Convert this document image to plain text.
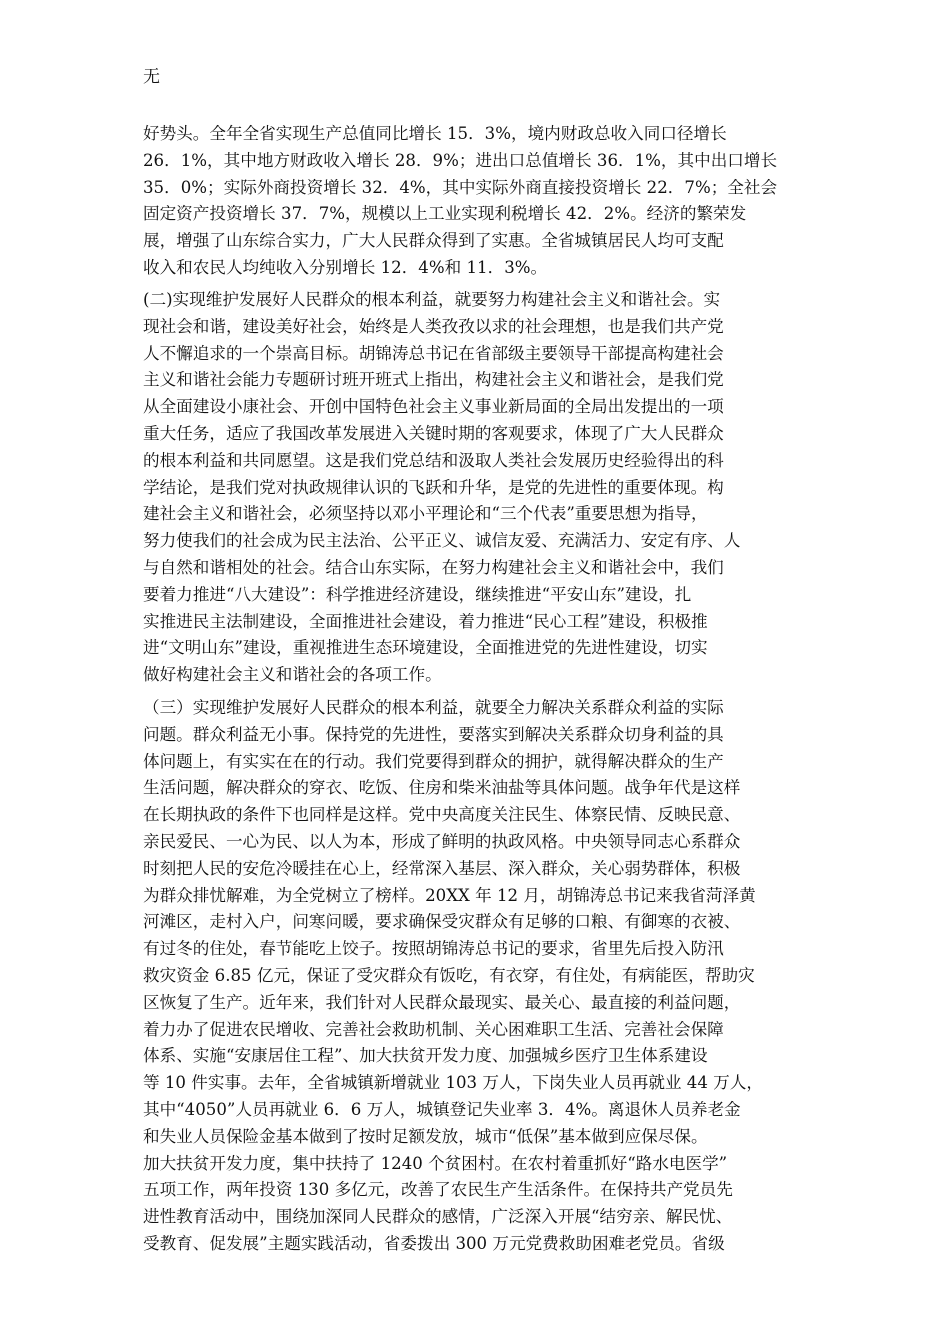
无
好势头。全年全省实现生产总值同比增长 15．3%，境内财政总收入同口径增长
26．1%，其中地方财政收入增长 28．9%；进出口总值增长 36．1%，其中出口增长
35．0%；实际外商投资增长 32．4%，其中实际外商直接投资增长 22．7%；全社会
固定资产投资增长 37．7%，规模以上工业实现利税增长 42．2%。经济的繁荣发
展，增强了山东综合实力，广大人民群众得到了实惠。全省城镇居民人均可支配
收入和农民人均纯收入分别增长 12．4%和 11．3%。
(二)实现维护发展好人民群众的根本利益，就要努力构建社会主义和谐社会。实
现社会和谐，建设美好社会，始终是人类孜孜以求的社会理想，也是我们共产党
人不懈追求的一个崇高目标。胡锦涛总书记在省部级主要领导干部提高构建社会
主义和谐社会能力专题研讨班开班式上指出，构建社会主义和谐社会，是我们党
从全面建设小康社会、开创中国特色社会主义事业新局面的全局出发提出的一项
重大任务，适应了我国改革发展进入关键时期的客观要求，体现了广大人民群众
的根本利益和共同愿望。这是我们党总结和汲取人类社会发展历史经验得出的科
学结论，是我们党对执政规律认识的飞跃和升华，是党的先进性的重要体现。构
建社会主义和谐社会，必须坚持以邓小平理论和“三个代表”重要思想为指导，
努力使我们的社会成为民主法治、公平正义、诚信友爱、充满活力、安定有序、人
与自然和谐相处的社会。结合山东实际，在努力构建社会主义和谐社会中，我们
要着力推进“八大建设”：科学推进经济建设，继续推进“平安山东”建设，扎
实推进民主法制建设，全面推进社会建设，着力推进“民心工程”建设，积极推
进“文明山东”建设，重视推进生态环境建设，全面推进党的先进性建设，切实
做好构建社会主义和谐社会的各项工作。
（三）实现维护发展好人民群众的根本利益，就要全力解决关系群众利益的实际
问题。群众利益无小事。保持党的先进性，要落实到解决关系群众切身利益的具
体问题上，有实实在在的行动。我们党要得到群众的拥护，就得解决群众的生产
生活问题，解决群众的穿衣、吃饭、住房和柴米油盐等具体问题。战争年代是这样
在长期执政的条件下也同样是这样。党中央高度关注民生、体察民情、反映民意、
亲民爱民、一心为民、以人为本，形成了鲜明的执政风格。中央领导同志心系群众
时刻把人民的安危冷暖挂在心上，经常深入基层、深入群众，关心弱势群体，积极
为群众排忧解难，为全党树立了榜样。20XX 年 12 月，胡锦涛总书记来我省菏泽黄
河滩区，走村入户，问寒问暖，要求确保受灾群众有足够的口粮、有御寒的衣被、
有过冬的住处，春节能吃上饺子。按照胡锦涛总书记的要求，省里先后投入防汛
救灾资金 6.85 亿元，保证了受灾群众有饭吃，有衣穿，有住处，有病能医，帮助灾
区恢复了生产。近年来，我们针对人民群众最现实、最关心、最直接的利益问题，
着力办了促进农民增收、完善社会救助机制、关心困难职工生活、完善社会保障
体系、实施“安康居住工程”、加大扶贫开发力度、加强城乡医疗卫生体系建设
等 10 件实事。去年，全省城镇新增就业 103 万人，下岗失业人员再就业 44 万人，
其中“4050”人员再就业 6．6 万人，城镇登记失业率 3．4%。离退休人员养老金
和失业人员保险金基本做到了按时足额发放，城市“低保”基本做到应保尽保。
加大扶贫开发力度，集中扶持了 1240 个贫困村。在农村着重抓好“路水电医学”
五项工作，两年投资 130 多亿元，改善了农民生产生活条件。在保持共产党员先
进性教育活动中，围绕加深同人民群众的感情，广泛深入开展“结穷亲、解民忧、
受教育、促发展”主题实践活动，省委拨出 300 万元党费救助困难老党员。省级
